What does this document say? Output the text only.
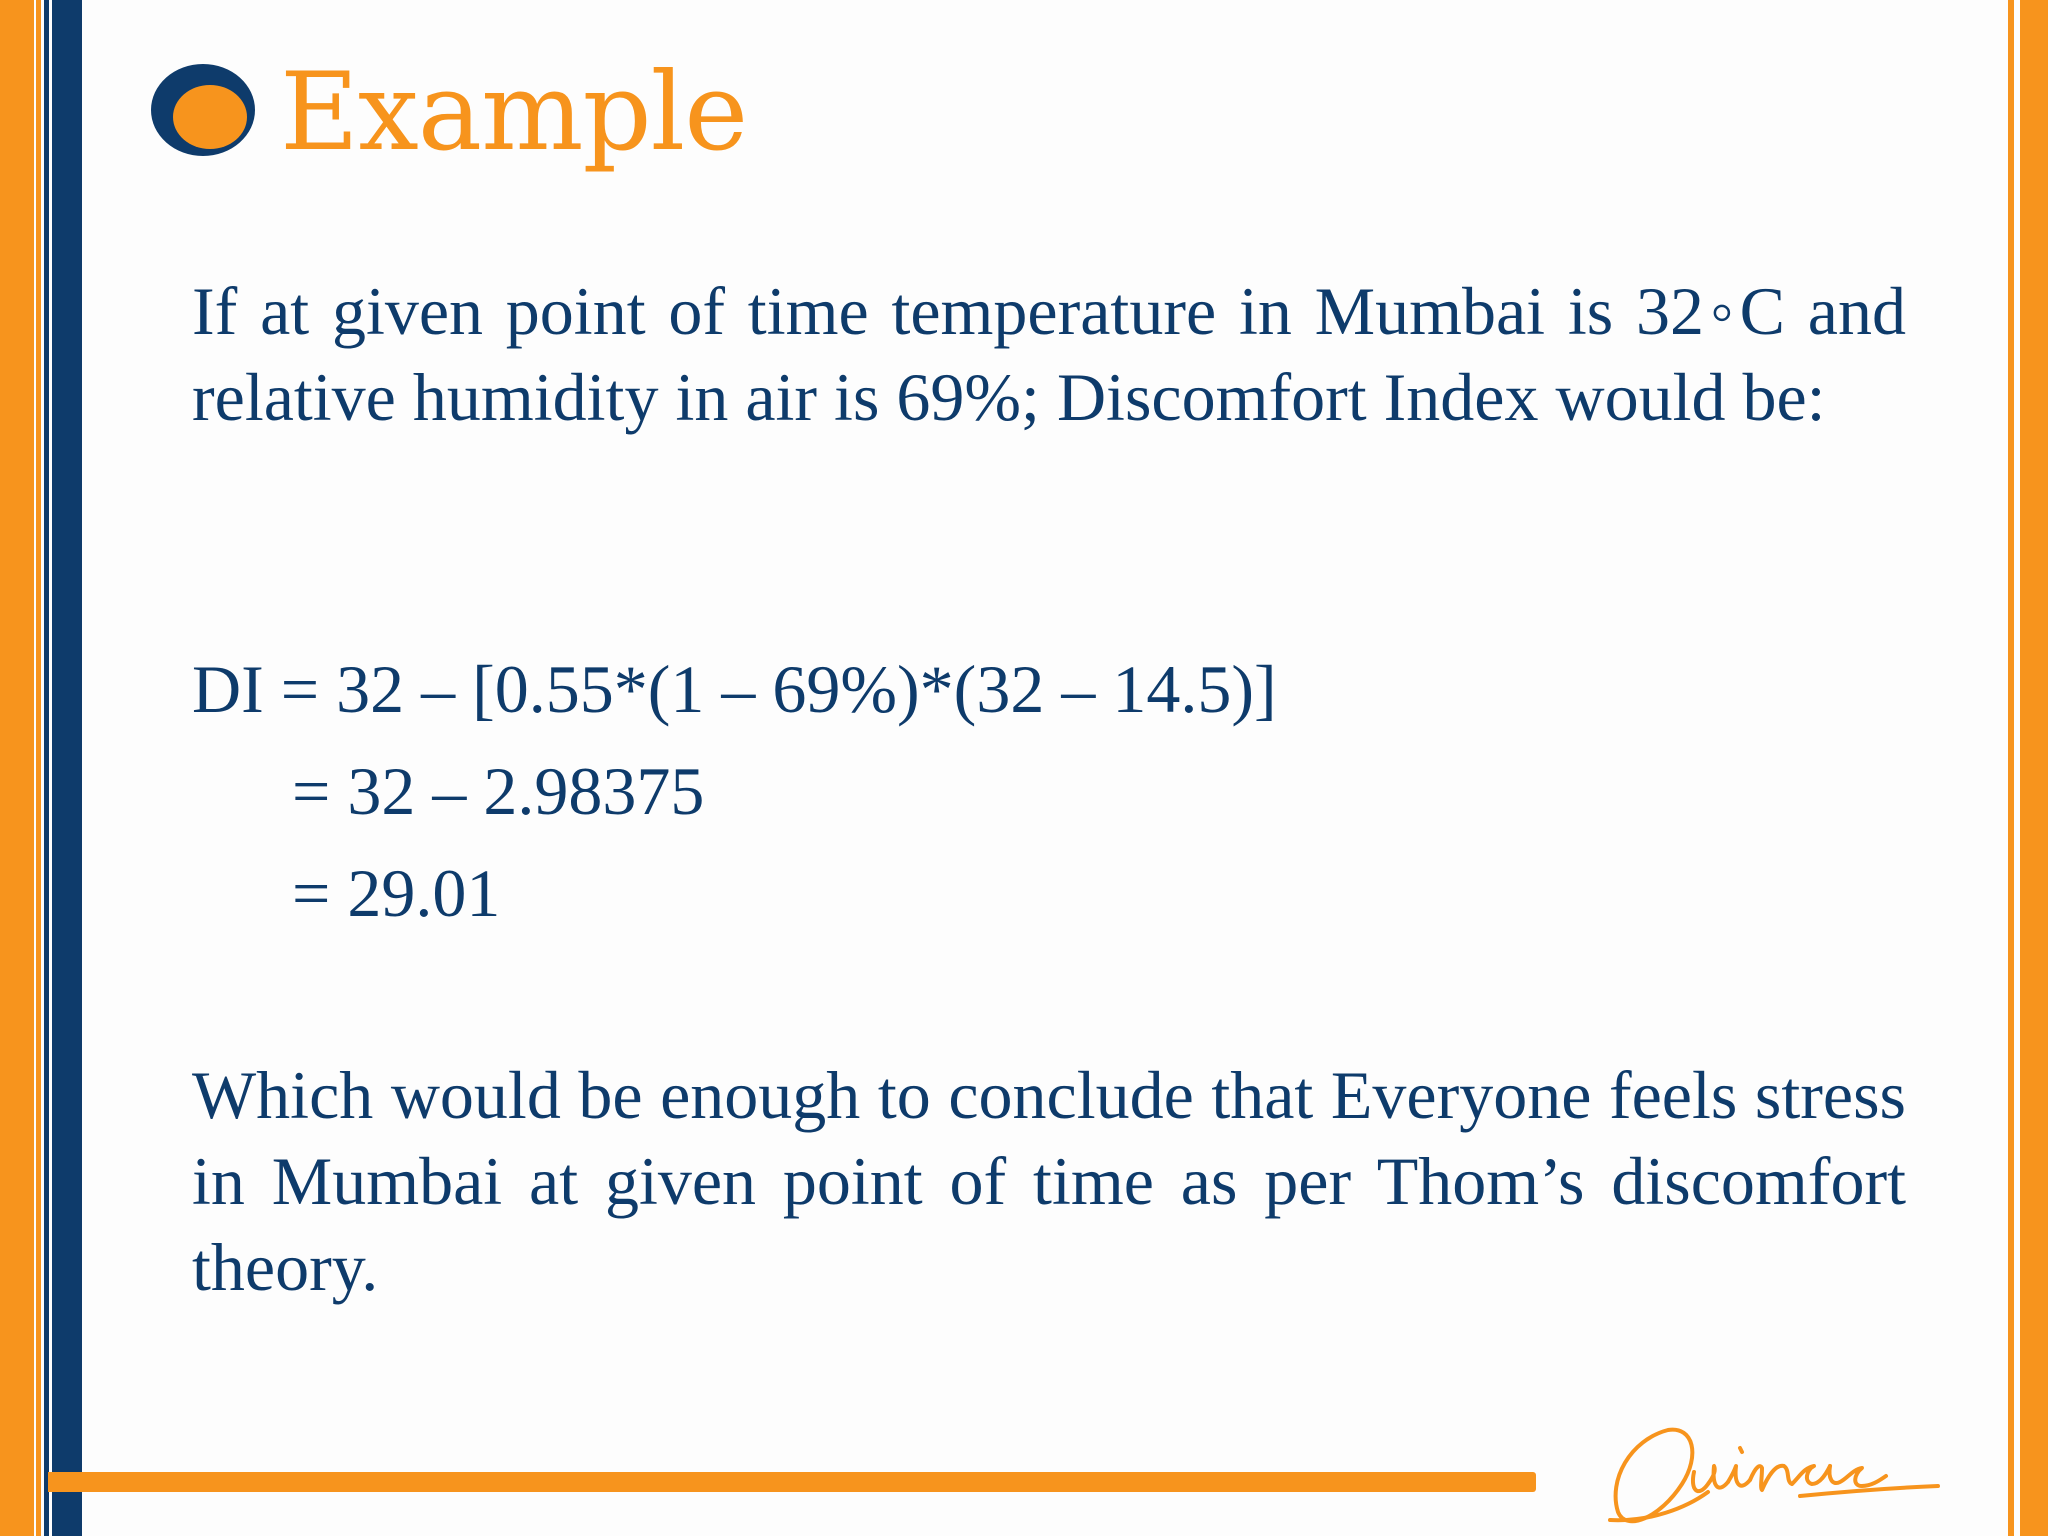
Example
If at given point of time temperature in Mumbai is 32◦C and relative humidity in air is 69%; Discomfort Index would be:
DI = 32 – [0.55*(1 – 69%)*(32 – 14.5)]
= 32 – 2.98375
= 29.01
Which would be enough to conclude that Everyone feels stress in Mumbai at given point of time as per Thom’s discomfort theory.
